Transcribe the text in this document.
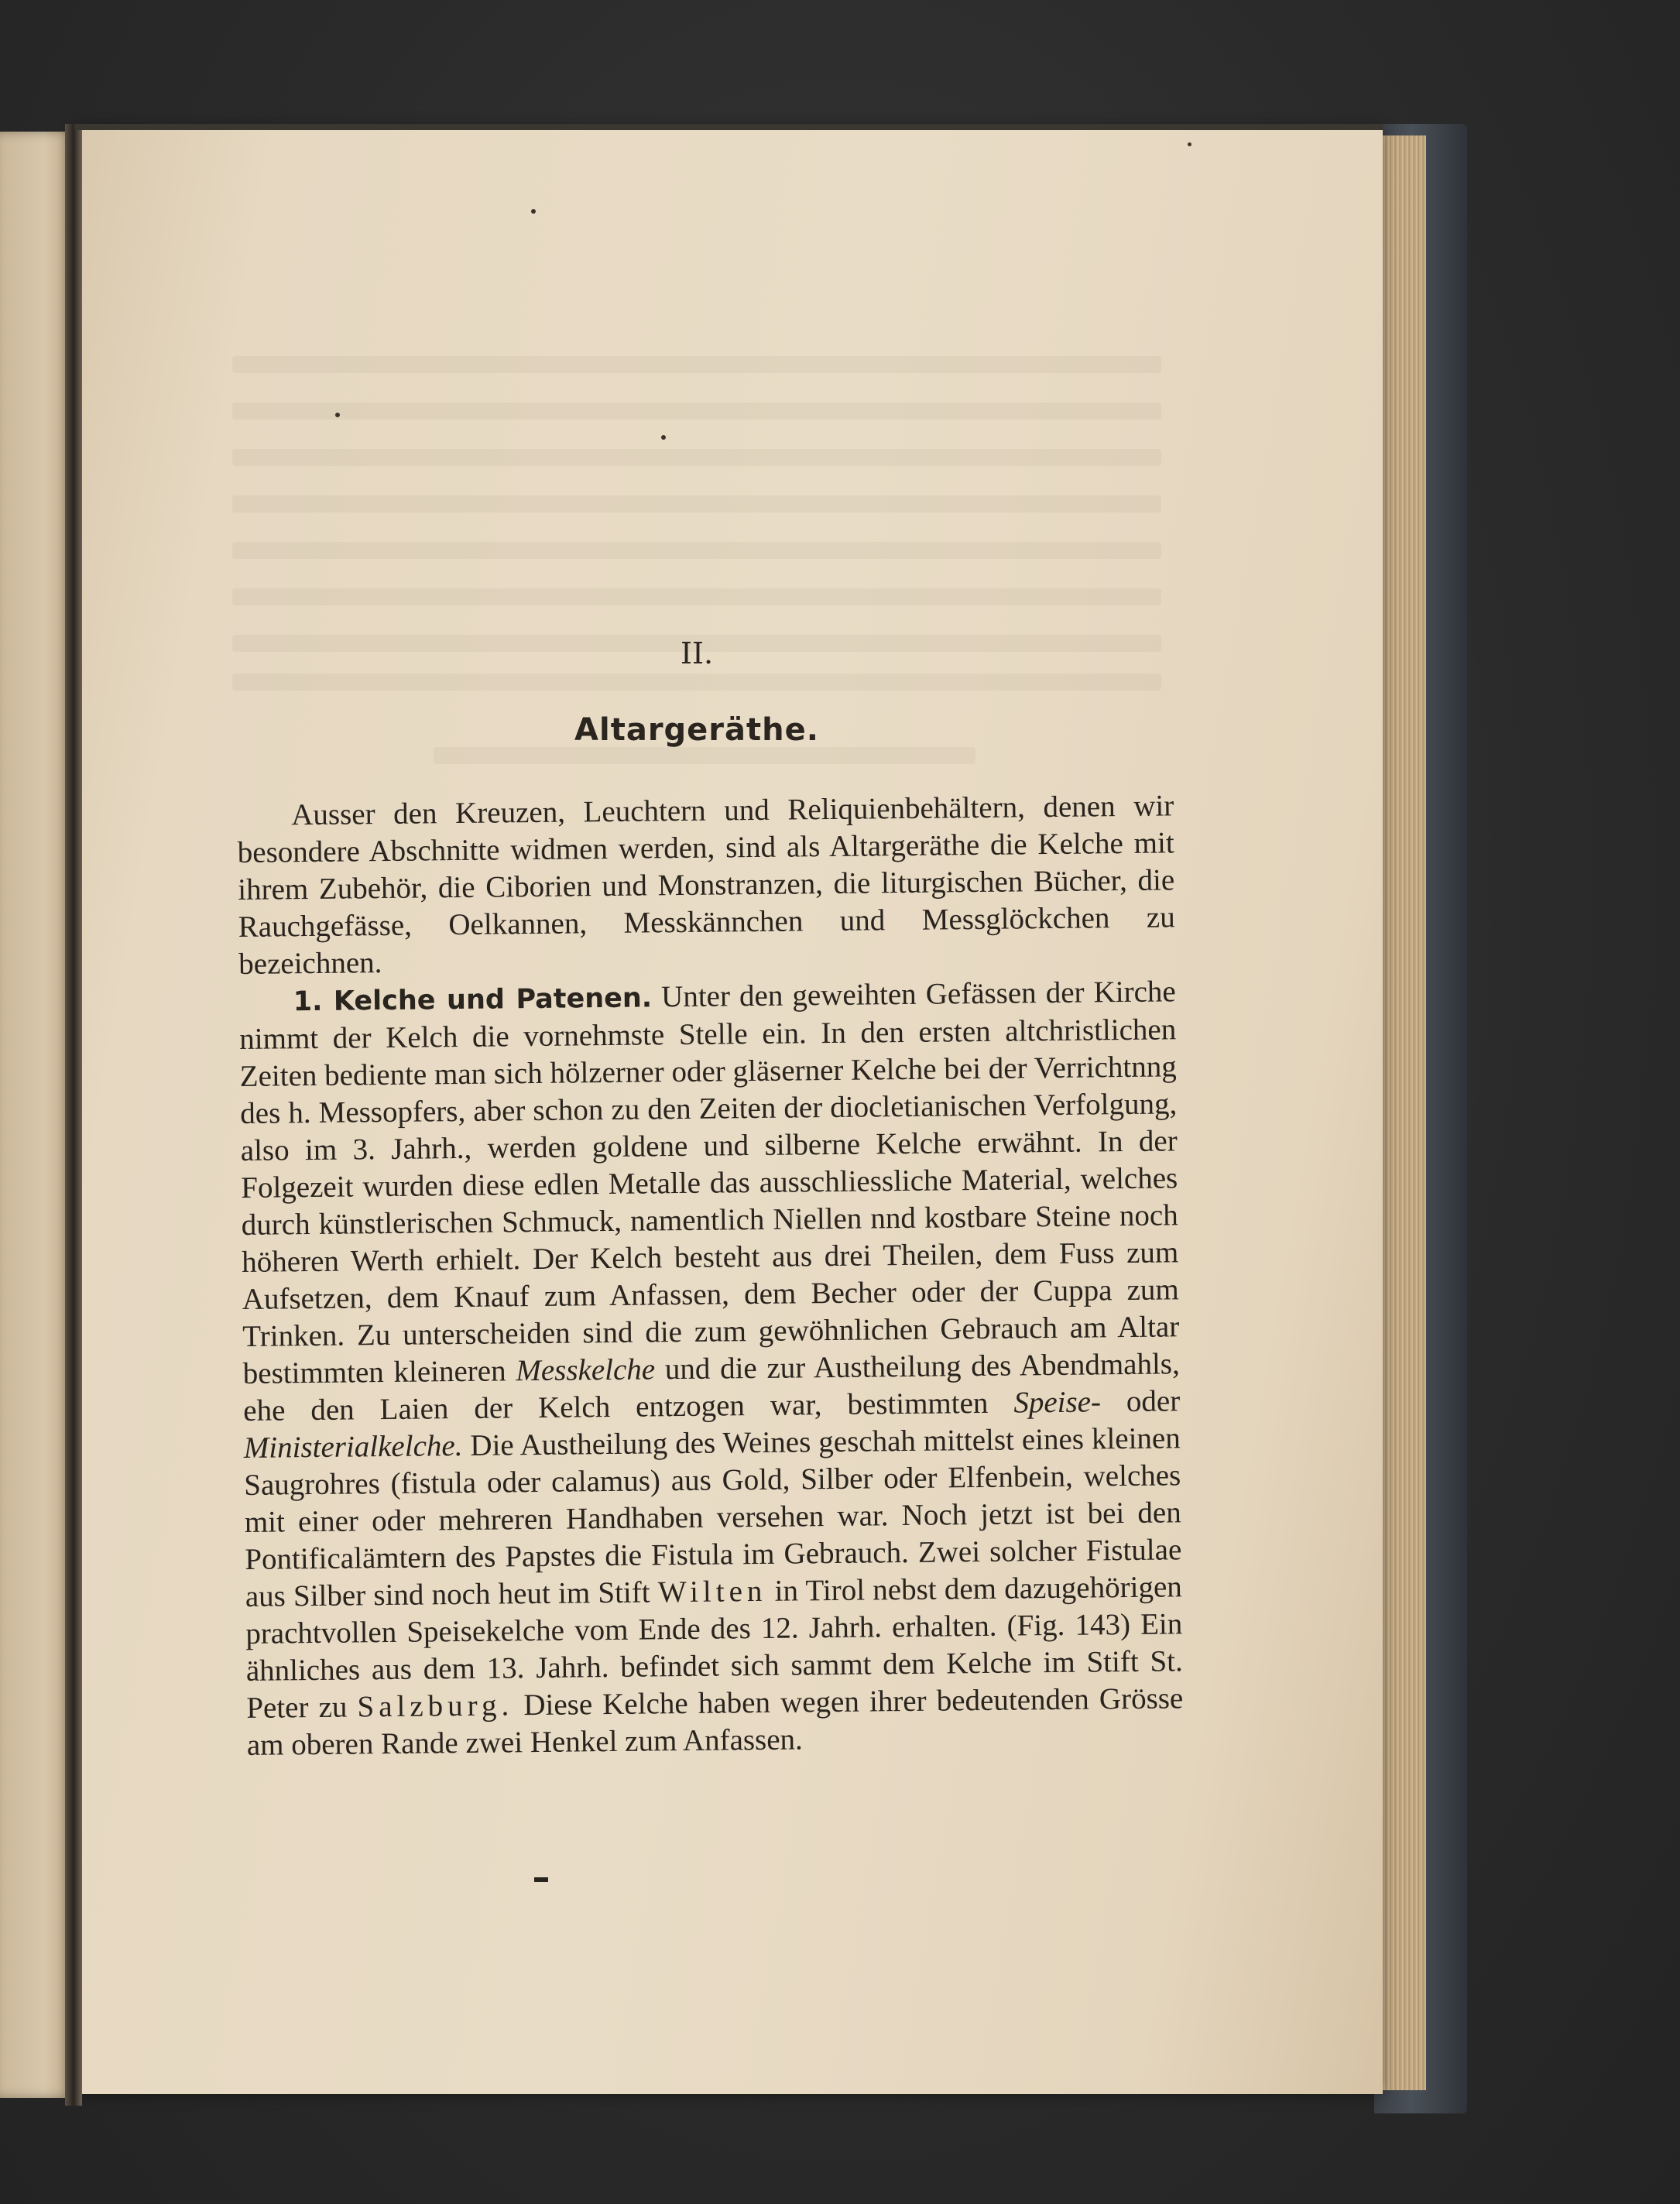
II.
Altargeräthe.

Ausser den Kreuzen, Leuchtern und Reliquienbehältern, denen wir besondere Abschnitte widmen werden, sind als Altargeräthe die Kelche mit ihrem Zubehör, die Ciborien und Monstranzen, die liturgischen Bücher, die Rauchgefässe, Oelkannen, Messkännchen und Messglöckchen zu bezeichnen.

1. Kelche und Patenen. Unter den geweihten Gefässen der Kirche nimmt der Kelch die vornehmste Stelle ein. In den ersten altchristlichen Zeiten bediente man sich hölzerner oder gläserner Kelche bei der Verrichtnng des h. Messopfers, aber schon zu den Zeiten der diocletianischen Verfolgung, also im 3. Jahrh., werden goldene und silberne Kelche erwähnt. In der Folgezeit wurden diese edlen Metalle das ausschliessliche Material, welches durch künstlerischen Schmuck, namentlich Niellen nnd kostbare Steine noch höheren Werth erhielt. Der Kelch besteht aus drei Theilen, dem Fuss zum Aufsetzen, dem Knauf zum Anfassen, dem Becher oder der Cuppa zum Trinken. Zu unterscheiden sind die zum gewöhnlichen Gebrauch am Altar bestimmten kleineren Messkelche und die zur Austheilung des Abendmahls, ehe den Laien der Kelch entzogen war, bestimmten Speise- oder Ministerialkelche. Die Austheilung des Weines geschah mittelst eines kleinen Saugrohres (fistula oder calamus) aus Gold, Silber oder Elfenbein, welches mit einer oder mehreren Handhaben versehen war. Noch jetzt ist bei den Pontificalämtern des Papstes die Fistula im Gebrauch. Zwei solcher Fistulae aus Silber sind noch heut im Stift Wilten in Tirol nebst dem dazugehörigen prachtvollen Speisekelche vom Ende des 12. Jahrh. erhalten. (Fig. 143) Ein ähnliches aus dem 13. Jahrh. befindet sich sammt dem Kelche im Stift St. Peter zu Salzburg. Diese Kelche haben wegen ihrer bedeutenden Grösse am oberen Rande zwei Henkel zum Anfassen.
